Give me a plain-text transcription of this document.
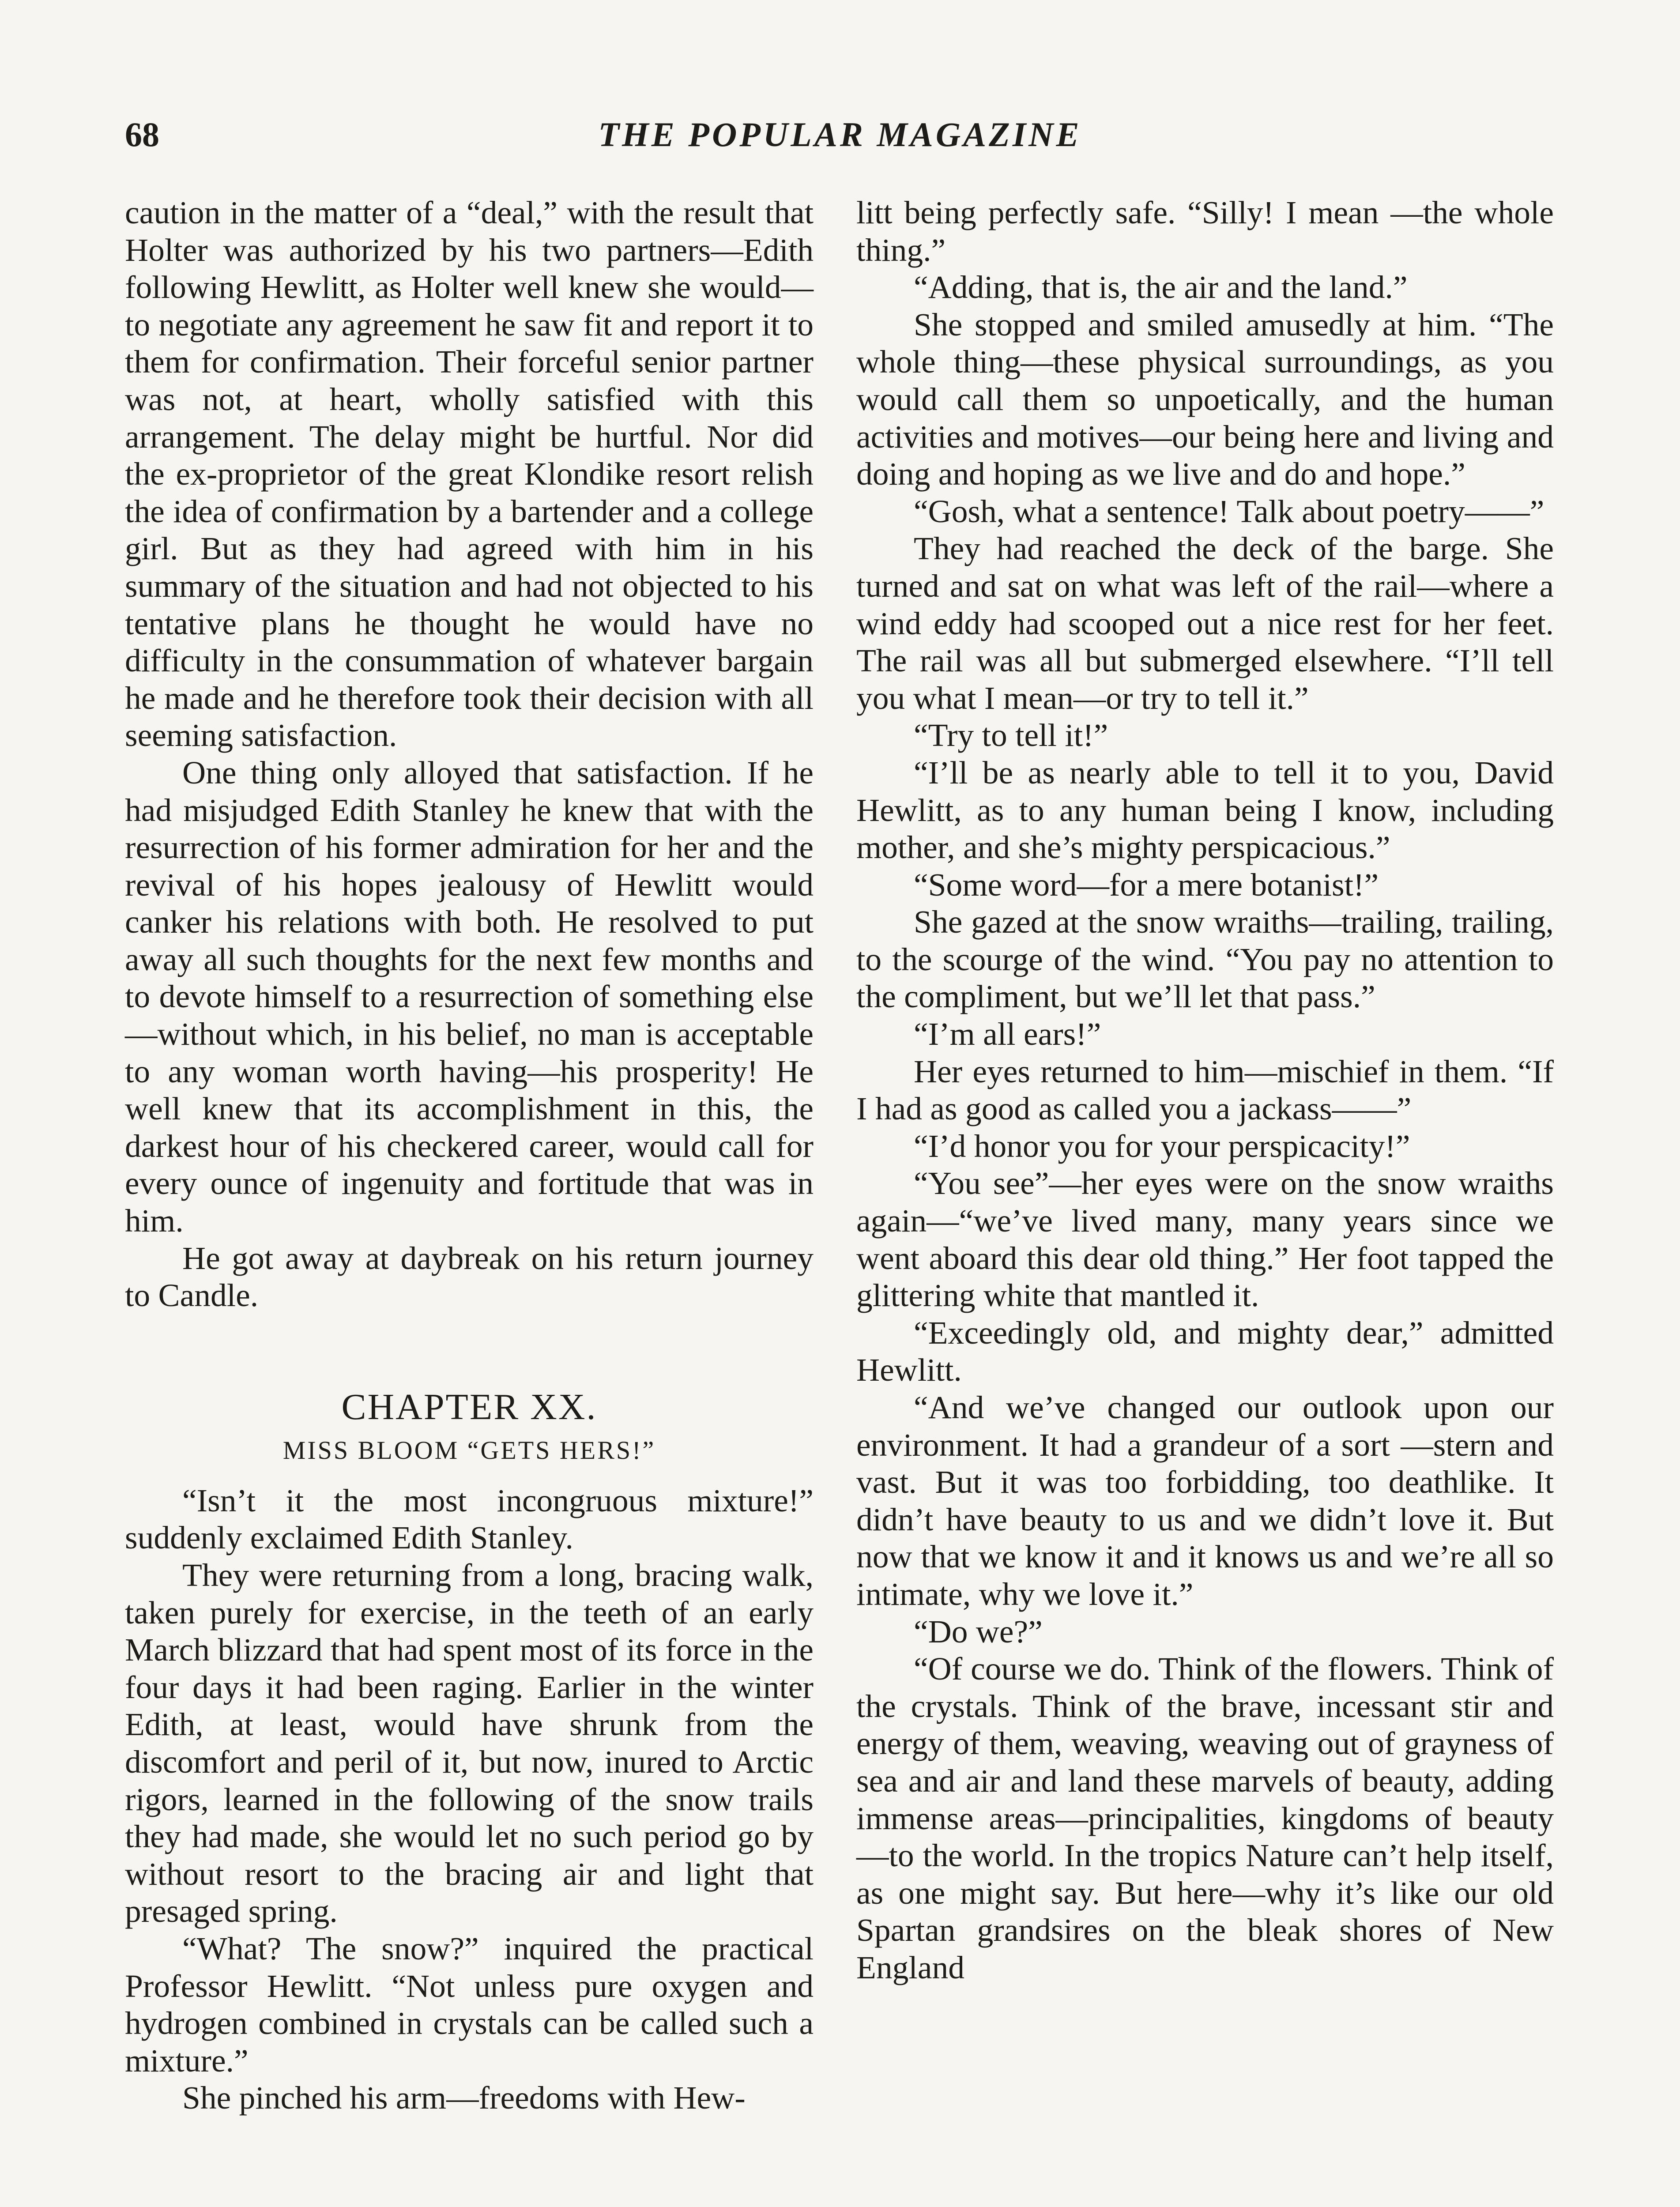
68	THE POPULAR MAGAZINE

caution in the matter of a “deal,” with the result that Holter was authorized by his two partners—Edith following Hewlitt, as Holter well knew she would—to negotiate any agreement he saw fit and report it to them for confirmation. Their forceful senior partner was not, at heart, wholly satisfied with this arrangement. The delay might be hurtful. Nor did the ex-proprietor of the great Klondike resort relish the idea of confirmation by a bartender and a college girl. But as they had agreed with him in his summary of the situation and had not objected to his tentative plans he thought he would have no difficulty in the consummation of whatever bargain he made and he therefore took their decision with all seeming satisfaction.

One thing only alloyed that satisfaction. If he had misjudged Edith Stanley he knew that with the resurrection of his former admiration for her and the revival of his hopes jealousy of Hewlitt would canker his relations with both. He resolved to put away all such thoughts for the next few months and to devote himself to a resurrection of something else—without which, in his belief, no man is acceptable to any woman worth having—his prosperity! He well knew that its accomplishment in this, the darkest hour of his checkered career, would call for every ounce of ingenuity and fortitude that was in him.

He got away at daybreak on his return journey to Candle.

CHAPTER XX.
MISS BLOOM “GETS HERS!”

“Isn’t it the most incongruous mixture!” suddenly exclaimed Edith Stanley.

They were returning from a long, bracing walk, taken purely for exercise, in the teeth of an early March blizzard that had spent most of its force in the four days it had been raging. Earlier in the winter Edith, at least, would have shrunk from the discomfort and peril of it, but now, inured to Arctic rigors, learned in the following of the snow trails they had made, she would let no such period go by without resort to the bracing air and light that presaged spring.

“What? The snow?” inquired the practical Professor Hewlitt. “Not unless pure oxygen and hydrogen combined in crystals can be called such a mixture.”

She pinched his arm—freedoms with Hew-

litt being perfectly safe. “Silly! I mean —the whole thing.”

“Adding, that is, the air and the land.”

She stopped and smiled amusedly at him. “The whole thing—these physical surroundings, as you would call them so unpoetically, and the human activities and motives—our being here and living and doing and hoping as we live and do and hope.”

“Gosh, what a sentence! Talk about poetry——”

They had reached the deck of the barge. She turned and sat on what was left of the rail—where a wind eddy had scooped out a nice rest for her feet. The rail was all but submerged elsewhere. “I’ll tell you what I mean—or try to tell it.”

“Try to tell it!”

“I’ll be as nearly able to tell it to you, David Hewlitt, as to any human being I know, including mother, and she’s mighty perspicacious.”

“Some word—for a mere botanist!”

She gazed at the snow wraiths—trailing, trailing, to the scourge of the wind. “You pay no attention to the compliment, but we’ll let that pass.”

“I’m all ears!”

Her eyes returned to him—mischief in them. “If I had as good as called you a jackass——”

“I’d honor you for your perspicacity!”

“You see”—her eyes were on the snow wraiths again—“we’ve lived many, many years since we went aboard this dear old thing.” Her foot tapped the glittering white that mantled it.

“Exceedingly old, and mighty dear,” admitted Hewlitt.

“And we’ve changed our outlook upon our environment. It had a grandeur of a sort —stern and vast. But it was too forbidding, too deathlike. It didn’t have beauty to us and we didn’t love it. But now that we know it and it knows us and we’re all so intimate, why we love it.”

“Do we?”

“Of course we do. Think of the flowers. Think of the crystals. Think of the brave, incessant stir and energy of them, weaving, weaving out of grayness of sea and air and land these marvels of beauty, adding immense areas—principalities, kingdoms of beauty—to the world. In the tropics Nature can’t help itself, as one might say. But here—why it’s like our old Spartan grandsires on the bleak shores of New England
